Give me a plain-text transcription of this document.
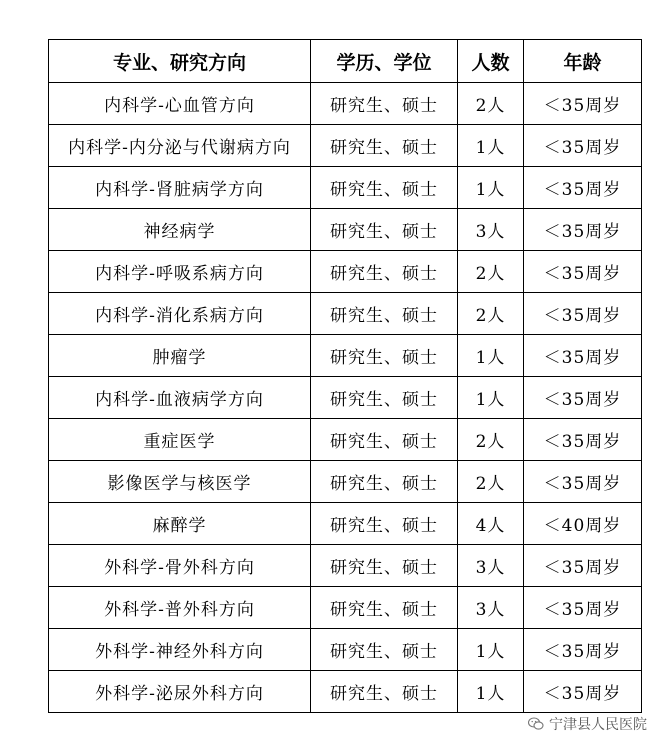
专业、研究方向	学历、学位	人数	年龄
内科学-心血管方向	研究生、硕士	2人	＜35周岁
内科学-内分泌与代谢病方向	研究生、硕士	1人	＜35周岁
内科学-肾脏病学方向	研究生、硕士	1人	＜35周岁
神经病学	研究生、硕士	3人	＜35周岁
内科学-呼吸系病方向	研究生、硕士	2人	＜35周岁
内科学-消化系病方向	研究生、硕士	2人	＜35周岁
肿瘤学	研究生、硕士	1人	＜35周岁
内科学-血液病学方向	研究生、硕士	1人	＜35周岁
重症医学	研究生、硕士	2人	＜35周岁
影像医学与核医学	研究生、硕士	2人	＜35周岁
麻醉学	研究生、硕士	4人	＜40周岁
外科学-骨外科方向	研究生、硕士	3人	＜35周岁
外科学-普外科方向	研究生、硕士	3人	＜35周岁
外科学-神经外科方向	研究生、硕士	1人	＜35周岁
外科学-泌尿外科方向	研究生、硕士	1人	＜35周岁
宁津县人民医院
